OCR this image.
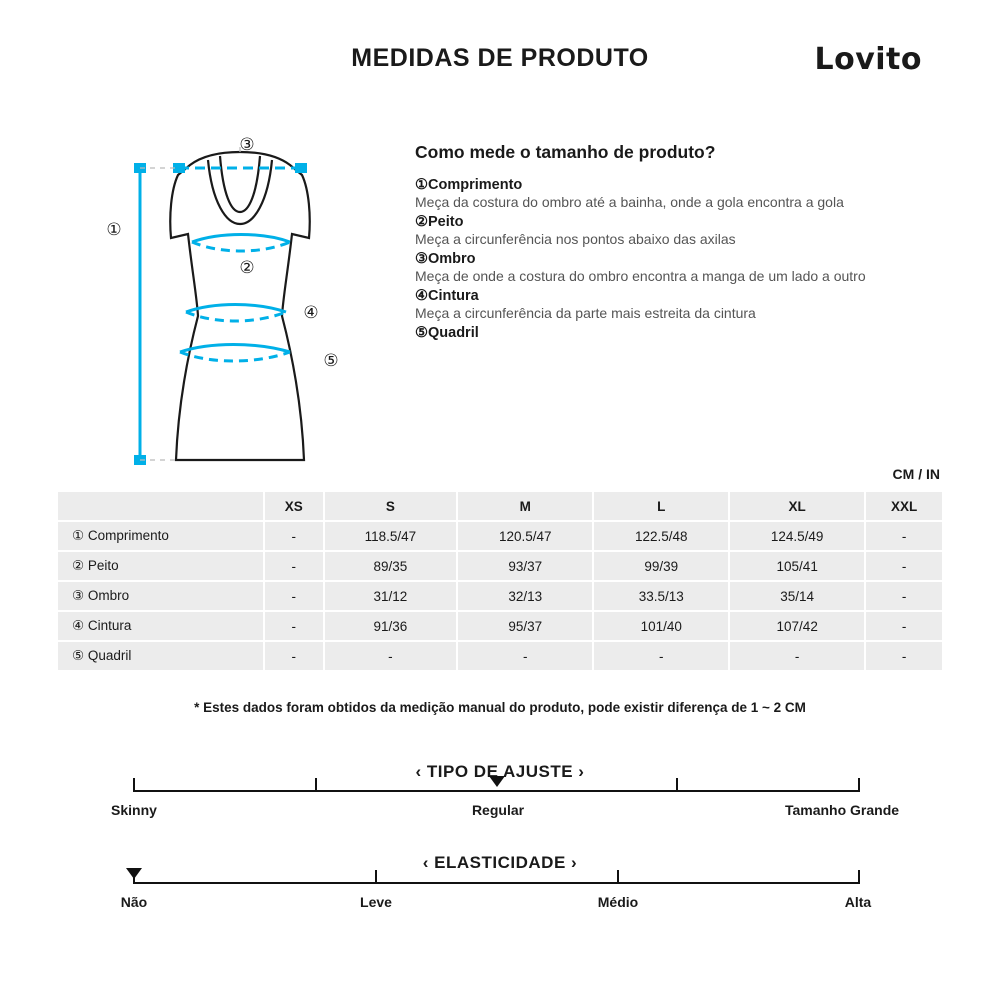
MEDIDAS DE PRODUTO	Lovito
①
②
③
④
⑤
Como mede o tamanho de produto?
①Comprimento
Meça da costura do ombro até a bainha, onde a gola encontra a gola
②Peito
Meça a circunferência nos pontos abaixo das axilas
③Ombro
Meça de onde a costura do ombro encontra a manga de um lado a outro
④Cintura
Meça a circunferência da parte mais estreita da cintura
⑤Quadril
CM / IN
	XS	S	M	L	XL	XXL
① Comprimento	-	118.5/47	120.5/47	122.5/48	124.5/49	-
② Peito	-	89/35	93/37	99/39	105/41	-
③ Ombro	-	31/12	32/13	33.5/13	35/14	-
④ Cintura	-	91/36	95/37	101/40	107/42	-
⑤ Quadril	-	-	-	-	-	-
* Estes dados foram obtidos da medição manual do produto, pode existir diferença de 1 ~ 2 CM
‹ TIPO DE AJUSTE ›
Skinny	Regular	Tamanho Grande
‹ ELASTICIDADE ›
Não	Leve	Médio	Alta
